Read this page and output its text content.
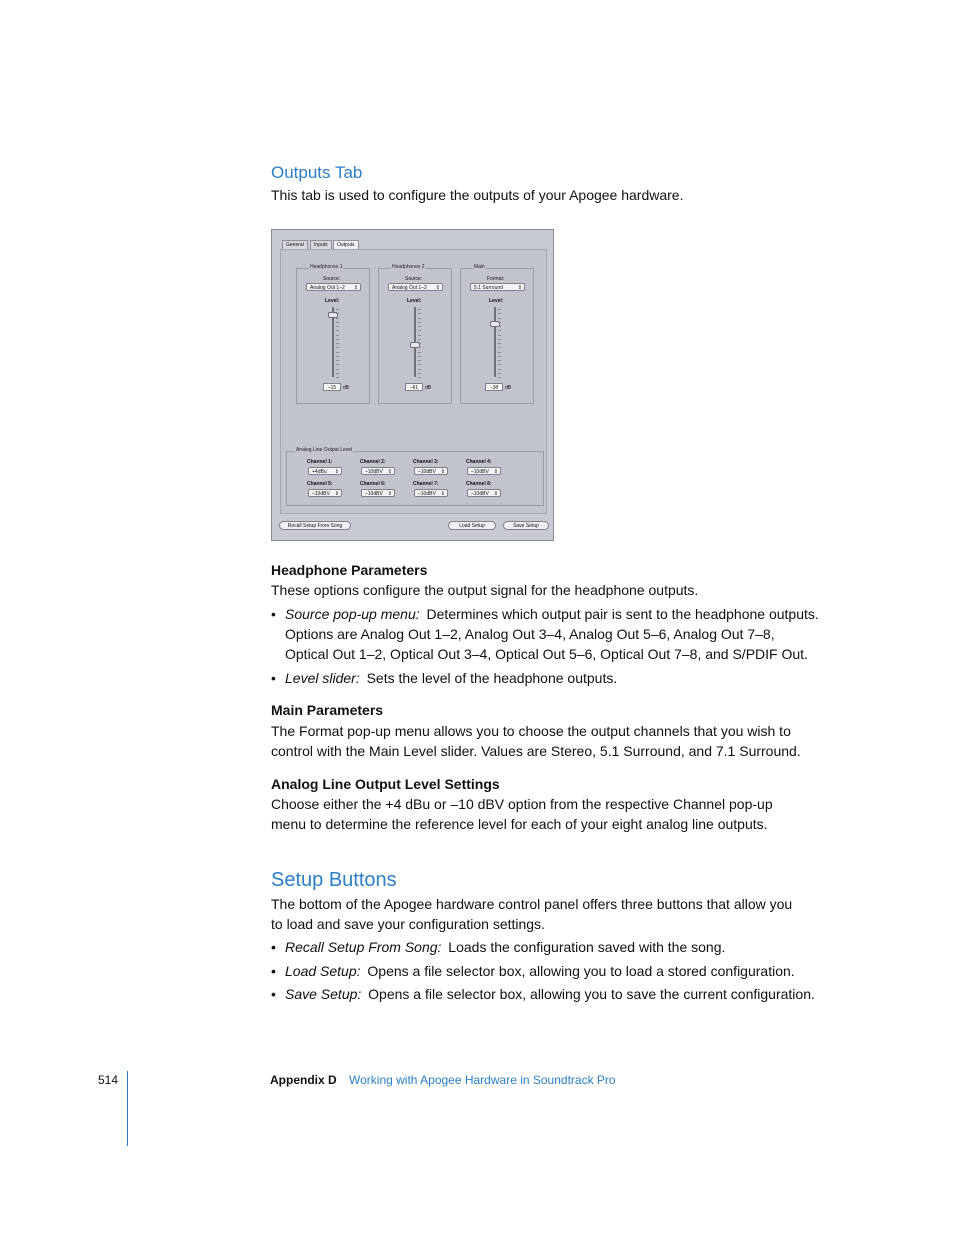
Outputs Tab
This tab is used to configure the outputs of your Apogee hardware.
General	Inputs	Outputs
Headphones 1
Source:
Analog Out 1–2 ⇕
Level:
–15	dB
Headphones 2
Source:
Analog Out 1–2 ⇕
Level:
–61	dB
Main
Format:
5.1 Surround	⇕
Level:
–38	dB
Analog Line Output Level
Channel 1:
+4dBu ⇕
Channel 2:
–10dBV ⇕
Channel 3:
–10dBV ⇕
Channel 4:
–10dBV ⇕
Channel 5:
–10dBV ⇕
Channel 6:
–10dBV ⇕
Channel 7:
–10dBV ⇕
Channel 8:
–10dBV ⇕
Recall Setup From Song	Load Setup	Save Setup
Headphone Parameters
These options configure the output signal for the headphone outputs.
• Source pop-up menu: Determines which output pair is sent to the headphone outputs.
Options are Analog Out 1–2, Analog Out 3–4, Analog Out 5–6, Analog Out 7–8,
Optical Out 1–2, Optical Out 3–4, Optical Out 5–6, Optical Out 7–8, and S/PDIF Out.
• Level slider: Sets the level of the headphone outputs.
Main Parameters
The Format pop-up menu allows you to choose the output channels that you wish to
control with the Main Level slider. Values are Stereo, 5.1 Surround, and 7.1 Surround.
Analog Line Output Level Settings
Choose either the +4 dBu or –10 dBV option from the respective Channel pop-up
menu to determine the reference level for each of your eight analog line outputs.
Setup Buttons
The bottom of the Apogee hardware control panel offers three buttons that allow you
to load and save your configuration settings.
• Recall Setup From Song: Loads the configuration saved with the song.
• Load Setup: Opens a file selector box, allowing you to load a stored configuration.
• Save Setup: Opens a file selector box, allowing you to save the current configuration.
514	Appendix D Working with Apogee Hardware in Soundtrack Pro
